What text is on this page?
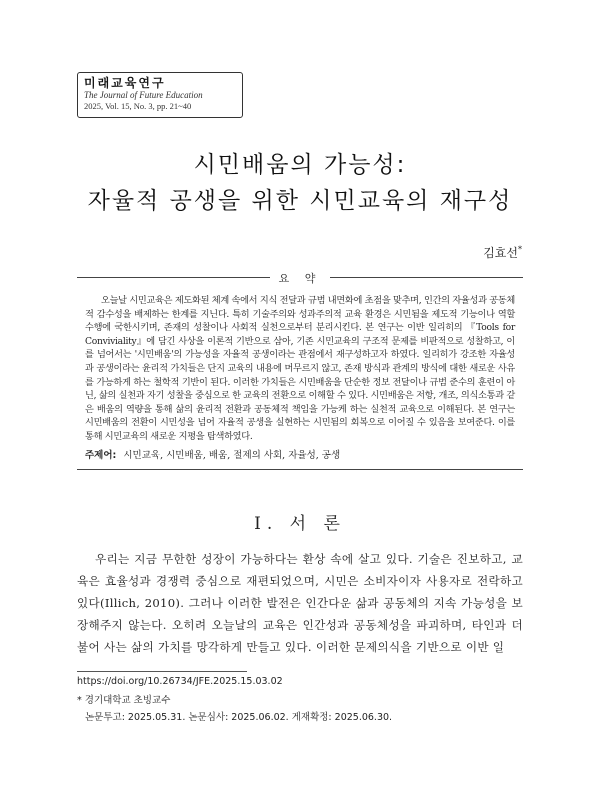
미래교육연구
The Journal of Future Education
2025, Vol. 15, No. 3, pp. 21~40
시민배움의 가능성:
자율적 공생을 위한 시민교육의 재구성
김효선*
요 약
오늘날 시민교육은 제도화된 체계 속에서 지식 전달과 규범 내면화에 초점을 맞추며, 인간의 자율성과 공동체적 감수성을 배제하는 한계를 지닌다. 특히 기술주의와 성과주의적 교육 환경은 시민됨을 제도적 기능이나 역할 수행에 국한시키며, 존재의 성찰이나 사회적 실천으로부터 분리시킨다. 본 연구는 이반 일리히의 『Tools for Conviviality』에 담긴 사상을 이론적 기반으로 삼아, 기존 시민교육의 구조적 문제를 비판적으로 성찰하고, 이를 넘어서는 '시민배움'의 가능성을 자율적 공생이라는 관점에서 재구성하고자 하였다. 일리히가 강조한 자율성과 공생이라는 윤리적 가치들은 단지 교육의 내용에 머무르지 않고, 존재 방식과 관계의 방식에 대한 새로운 사유를 가능하게 하는 철학적 기반이 된다. 이러한 가치들은 시민배움을 단순한 정보 전달이나 규범 준수의 훈련이 아닌, 삶의 실천과 자기 성찰을 중심으로 한 교육의 전환으로 이해할 수 있다. 시민배움은 저항, 개조, 의식소통과 같은 배움의 역량을 통해 삶의 윤리적 전환과 공동체적 책임을 가능케 하는 실천적 교육으로 이해된다. 본 연구는 시민배움의 전환이 시민성을 넘어 자율적 공생을 실현하는 시민됨의 회복으로 이어질 수 있음을 보여준다. 이를 통해 시민교육의 새로운 지평을 탐색하였다.
주제어: 시민교육, 시민배움, 배움, 절제의 사회, 자율성, 공생
Ⅰ. 서 론
우리는 지금 무한한 성장이 가능하다는 환상 속에 살고 있다. 기술은 진보하고, 교육은 효율성과 경쟁력 중심으로 재편되었으며, 시민은 소비자이자 사용자로 전락하고 있다(Illich, 2010). 그러나 이러한 발전은 인간다운 삶과 공동체의 지속 가능성을 보장해주지 않는다. 오히려 오늘날의 교육은 인간성과 공동체성을 파괴하며, 타인과 더불어 사는 삶의 가치를 망각하게 만들고 있다. 이러한 문제의식을 기반으로 이반 일
https://doi.org/10.26734/JFE.2025.15.03.02
* 경기대학교 초빙교수
논문투고: 2025.05.31. 논문심사: 2025.06.02. 게재확정: 2025.06.30.
